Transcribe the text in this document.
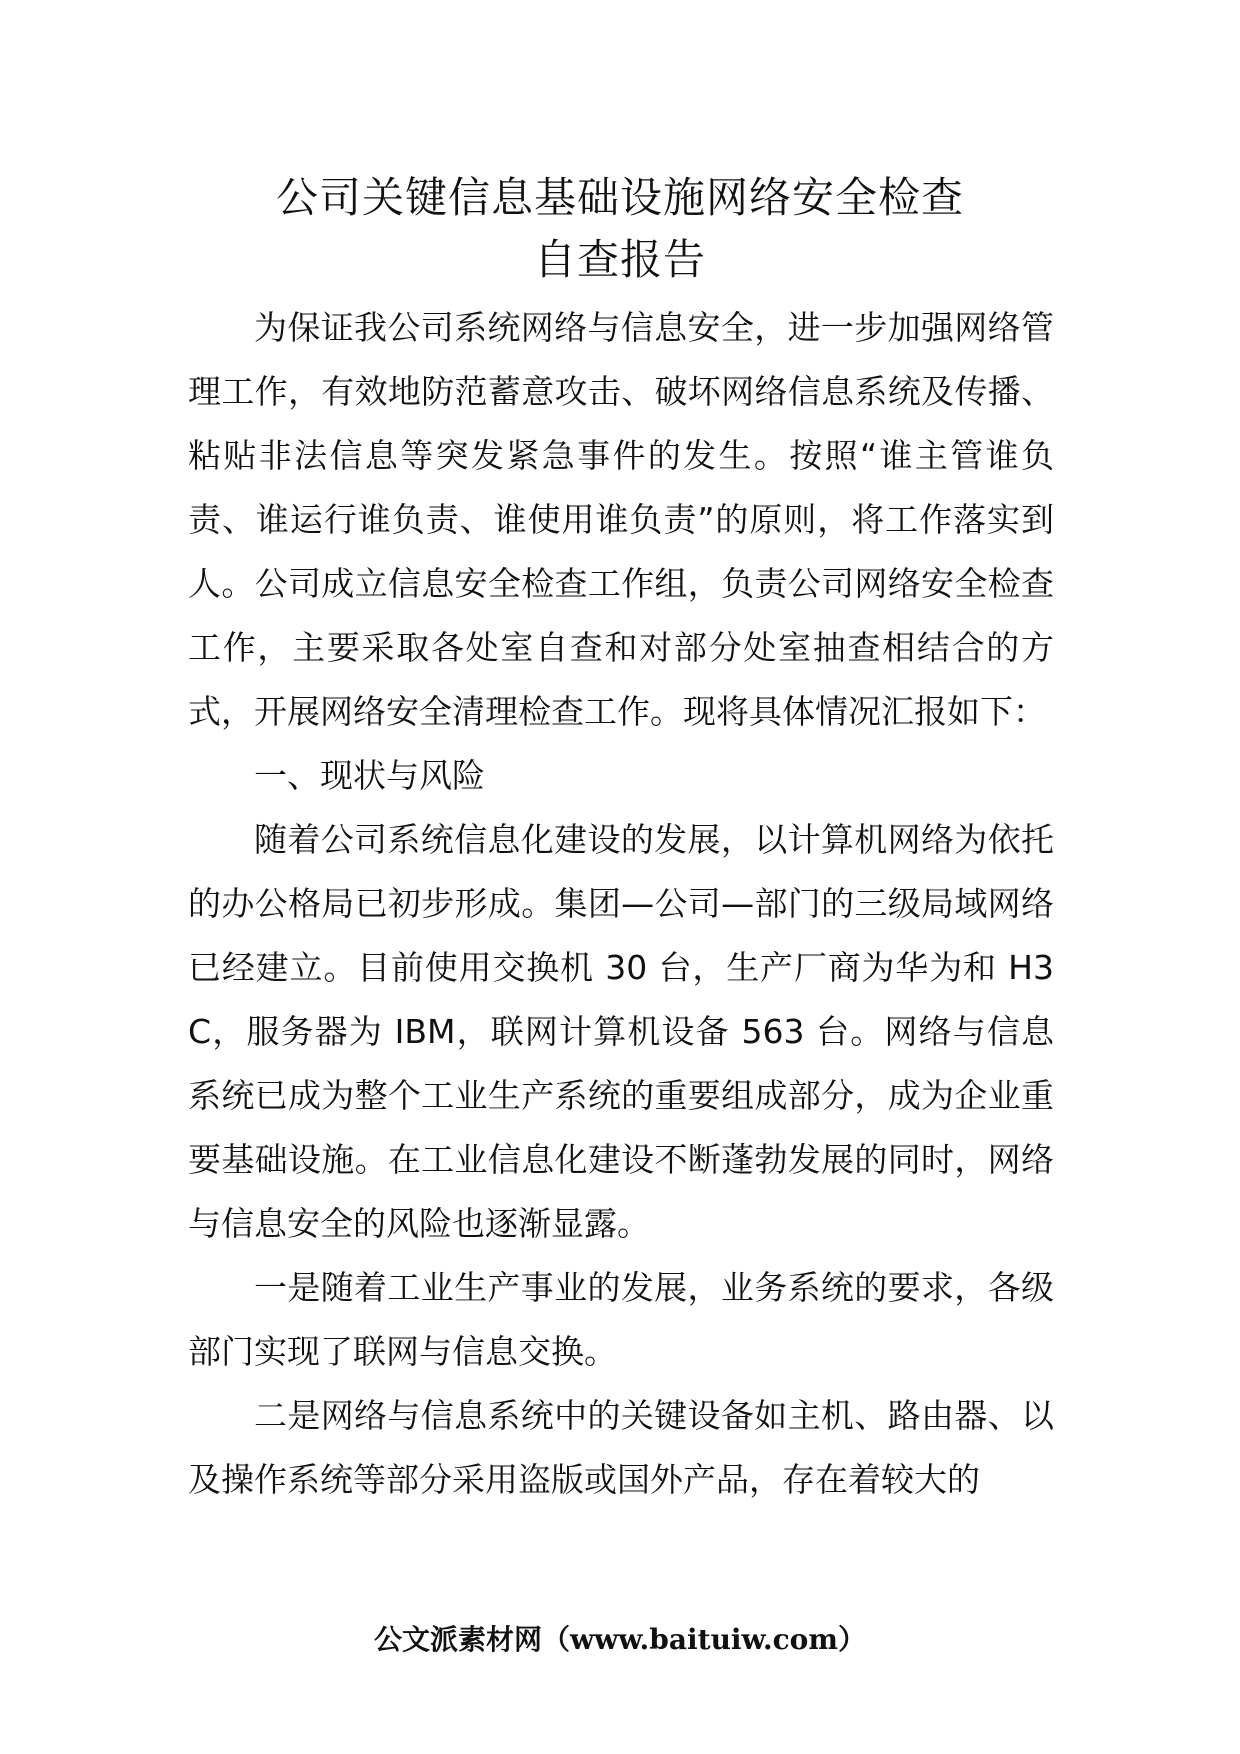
公司关键信息基础设施网络安全检查
自查报告

为保证我公司系统网络与信息安全，进一步加强网络管理工作，有效地防范蓄意攻击、破坏网络信息系统及传播、粘贴非法信息等突发紧急事件的发生。按照“谁主管谁负责、谁运行谁负责、谁使用谁负责”的原则，将工作落实到人。公司成立信息安全检查工作组，负责公司网络安全检查工作，主要采取各处室自查和对部分处室抽查相结合的方式，开展网络安全清理检查工作。现将具体情况汇报如下：

一、现状与风险

随着公司系统信息化建设的发展，以计算机网络为依托的办公格局已初步形成。集团—公司—部门的三级局域网络已经建立。目前使用交换机 30 台，生产厂商为华为和 H3C，服务器为 IBM，联网计算机设备 563 台。网络与信息系统已成为整个工业生产系统的重要组成部分，成为企业重要基础设施。在工业信息化建设不断蓬勃发展的同时，网络与信息安全的风险也逐渐显露。

一是随着工业生产事业的发展，业务系统的要求，各级部门实现了联网与信息交换。

二是网络与信息系统中的关键设备如主机、路由器、以及操作系统等部分采用盗版或国外产品，存在着较大的

公文派素材网（www.baituiw.com）
